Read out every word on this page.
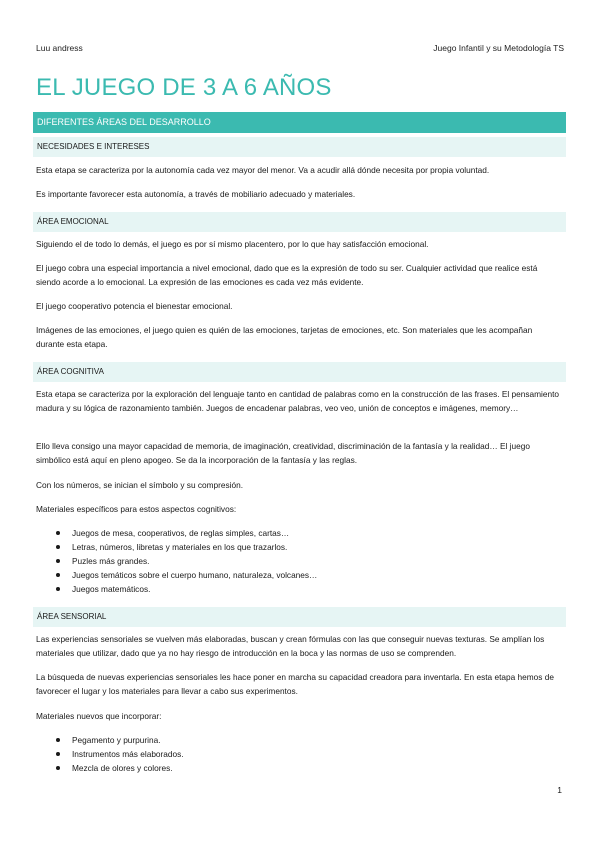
Luu andress	Juego Infantil y su Metodología TS
EL JUEGO DE 3 A 6 AÑOS
DIFERENTES ÁREAS DEL DESARROLLO
NECESIDADES E INTERESES
Esta etapa se caracteriza por la autonomía cada vez mayor del menor. Va a acudir allá dónde necesita por propia voluntad.
Es importante favorecer esta autonomía, a través de mobiliario adecuado y materiales.
ÁREA EMOCIONAL
Siguiendo el de todo lo demás, el juego es por sí mismo placentero, por lo que hay satisfacción emocional.
El juego cobra una especial importancia a nivel emocional, dado que es la expresión de todo su ser. Cualquier actividad que realice está siendo acorde a lo emocional. La expresión de las emociones es cada vez más evidente.
El juego cooperativo potencia el bienestar emocional.
Imágenes de las emociones, el juego quien es quién de las emociones, tarjetas de emociones, etc. Son materiales que les acompañan durante esta etapa.
ÁREA COGNITIVA
Esta etapa se caracteriza por la exploración del lenguaje tanto en cantidad de palabras como en la construcción de las frases. El pensamiento madura y su lógica de razonamiento también. Juegos de encadenar palabras, veo veo, unión de conceptos e imágenes, memory…
Ello lleva consigo una mayor capacidad de memoria, de imaginación, creatividad, discriminación de la fantasía y la realidad… El juego simbólico está aquí en pleno apogeo. Se da la incorporación de la fantasía y las reglas.
Con los números, se inician el símbolo y su compresión.
Materiales específicos para estos aspectos cognitivos:
Juegos de mesa, cooperativos, de reglas simples, cartas…
Letras, números, libretas y materiales en los que trazarlos.
Puzles más grandes.
Juegos temáticos sobre el cuerpo humano, naturaleza, volcanes…
Juegos matemáticos.
ÁREA SENSORIAL
Las experiencias sensoriales se vuelven más elaboradas, buscan y crean fórmulas con las que conseguir nuevas texturas. Se amplían los materiales que utilizar, dado que ya no hay riesgo de introducción en la boca y las normas de uso se comprenden.
La búsqueda de nuevas experiencias sensoriales les hace poner en marcha su capacidad creadora para inventarla. En esta etapa hemos de favorecer el lugar y los materiales para llevar a cabo sus experimentos.
Materiales nuevos que incorporar:
Pegamento y purpurina.
Instrumentos más elaborados.
Mezcla de olores y colores.
1
